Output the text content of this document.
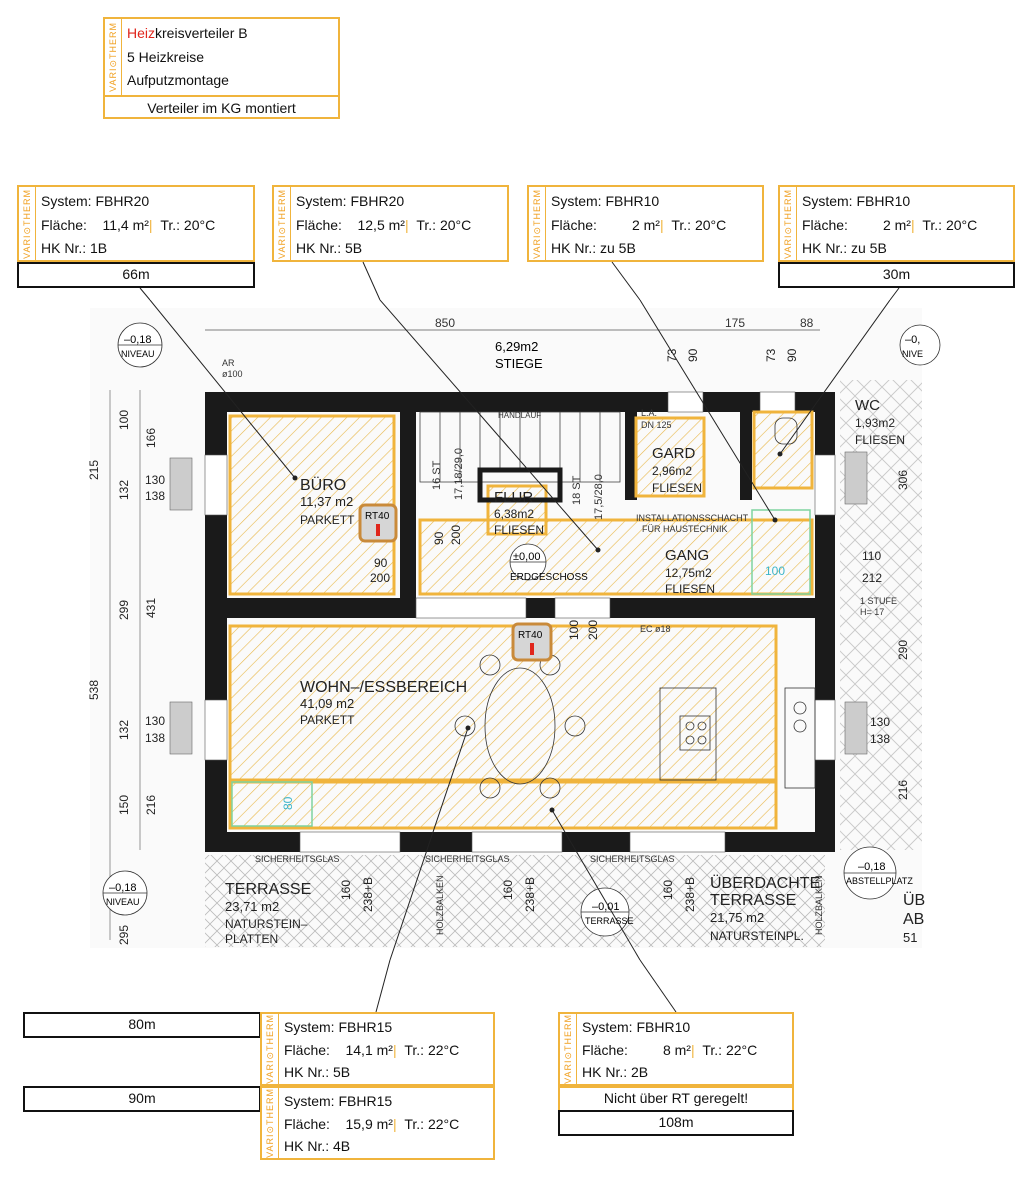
VARI⊙THERM Heizkreisverteiler B
5 Heizkreise
Aufputzmontage
Verteiler im KG montiert
VARI⊙THERM System: FBHR20
Fläche: 11,4 m²| Tr.: 20°C
HK Nr.: 1B
66m
VARI⊙THERM System: FBHR20
Fläche: 12,5 m²| Tr.: 20°C
HK Nr.: 5B	VARI⊙THERM System: FBHR10
Fläche:	2 m²| Tr.: 20°C
HK Nr.: zu 5B	VARI⊙THERM System: FBHR10
Fläche:	2 m²| Tr.: 20°C
HK Nr.: zu 5B
30m
850	175	88
6,29m2
STIEGE
80
100
HANDLAUF
RT40
RT40
BÜRO
11,37 m2
PARKETT
FLUR
6,38m2
FLIESEN
GARD
2,96m2
FLIESEN
GANG
12,75m2
FLIESEN
WC
1,93m2
FLIESEN
WOHN–/ESSBEREICH
41,09 m2
PARKETT
TERRASSE
23,71 m2
NATURSTEIN–
PLATTEN
ÜBERDACHTE
TERRASSE
21,75 m2
NATURSTEINPL.
ÜB
AB
51
AR
ø100
L.A.
DN 125
INSTALLATIONSSCHACHT
FÜR HAUSTECHNIK
1 STUFE
H= 17
EC ø18
SICHERHEITSGLAS	SICHERHEITSGLAS	SICHERHEITSGLAS
HOLZBALKEN	HOLZBALKEN
16 ST 17,18/29,0	18 ST 17,5/28,0
90
200
90 200
100 200
73 90	73 90
160 238+B	160 238+B	160 238+B
215
132
100
166
130
138
299 431
132 130
138
150 216
295
538
306
110
212
290
130
138
216
–0,18
NIVEAU
–0,18
NIVEAU	–0,01
TERRASSE
–0,18
ABSTELLPLATZ
–0,
NIVE
±0,00
ERDGESCHOSS
80m	VARI⊙THERM System: FBHR15
Fläche: 14,1 m²| Tr.: 22°C
HK Nr.: 5B
90m	VARI⊙THERM System: FBHR15
Fläche: 15,9 m²| Tr.: 22°C
HK Nr.: 4B
VARI⊙THERM System: FBHR10
Fläche:	8 m²| Tr.: 22°C
HK Nr.: 2B
Nicht über RT geregelt!
108m
